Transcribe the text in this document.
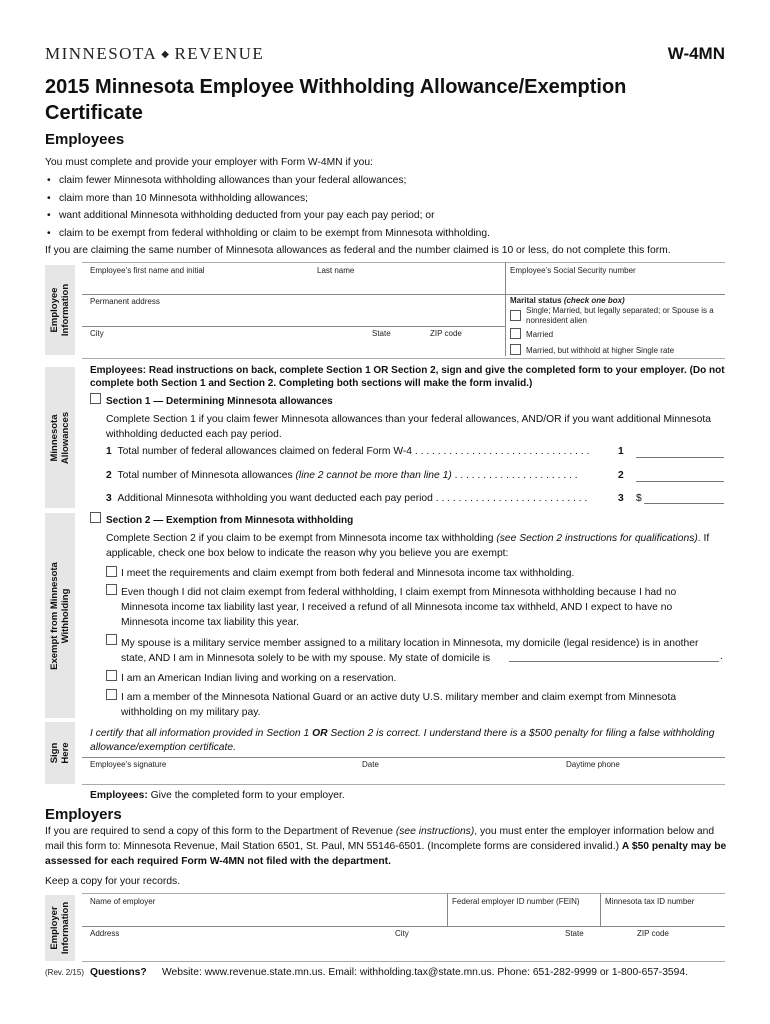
MINNESOTA ◆ REVENUE	W-4MN
2015 Minnesota Employee Withholding Allowance/Exemption Certificate
Employees
You must complete and provide your employer with Form W-4MN if you:
• claim fewer Minnesota withholding allowances than your federal allowances;
• claim more than 10 Minnesota withholding allowances;
• want additional Minnesota withholding deducted from your pay each pay period; or
• claim to be exempt from federal withholding or claim to be exempt from Minnesota withholding.
If you are claiming the same number of Minnesota allowances as federal and the number claimed is 10 or less, do not complete this form.
Employee Information
Employee’s first name and initial	Last name	Employee’s Social Security number
Permanent address
City	State	ZIP code
Marital status (check one box)
Single; Married, but legally separated; or Spouse is a nonresident alien
Married
Married, but withhold at higher Single rate
Minnesota Allowances
Employees: Read instructions on back, complete Section 1 OR Section 2, sign and give the completed form to your employer. (Do not complete both Section 1 and Section 2. Completing both sections will make the form invalid.)
Section 1 — Determining Minnesota allowances
Complete Section 1 if you claim fewer Minnesota allowances than your federal allowances, AND/OR if you want additional Minnesota withholding deducted each pay period.
1 Total number of federal allowances claimed on federal Form W-4 . . . . . . . . . . . . . . . . . . . . . . . . . . . . . . .	1
2 Total number of Minnesota allowances (line 2 cannot be more than line 1) . . . . . . . . . . . . . . . . . . . . . .	2
3 Additional Minnesota withholding you want deducted each pay period . . . . . . . . . . . . . . . . . . . . . . . . . . .	3 $
Exempt from Minnesota Withholding
Section 2 — Exemption from Minnesota withholding
Complete Section 2 if you claim to be exempt from Minnesota income tax withholding (see Section 2 instructions for qualifications). If applicable, check one box below to indicate the reason why you believe you are exempt:
I meet the requirements and claim exempt from both federal and Minnesota income tax withholding.
Even though I did not claim exempt from federal withholding, I claim exempt from Minnesota withholding because I had no Minnesota income tax liability last year, I received a refund of all Minnesota income tax withheld, AND I expect to have no Minnesota income tax liability this year.
My spouse is a military service member assigned to a military location in Minnesota, my domicile (legal residence) is in another state, AND I am in Minnesota solely to be with my spouse. My state of domicile is	.
I am an American Indian living and working on a reservation.
I am a member of the Minnesota National Guard or an active duty U.S. military member and claim exempt from Minnesota withholding on my military pay.
Sign Here
I certify that all information provided in Section 1 OR Section 2 is correct. I understand there is a $500 penalty for filing a false withholding allowance/exemption certificate.
Employee’s signature	Date	Daytime phone
Employees: Give the completed form to your employer.
Employers
If you are required to send a copy of this form to the Department of Revenue (see instructions), you must enter the employer information below and mail this form to: Minnesota Revenue, Mail Station 6501, St. Paul, MN 55146-6501. (Incomplete forms are considered invalid.) A $50 penalty may be assessed for each required Form W-4MN not filed with the department.
Keep a copy for your records.
Employer Information
Name of employer	Federal employer ID number (FEIN)	Minnesota tax ID number
Address	City	State	ZIP code
(Rev. 2/15) Questions? Website: www.revenue.state.mn.us. Email: withholding.tax@state.mn.us. Phone: 651-282-9999 or 1-800-657-3594.
